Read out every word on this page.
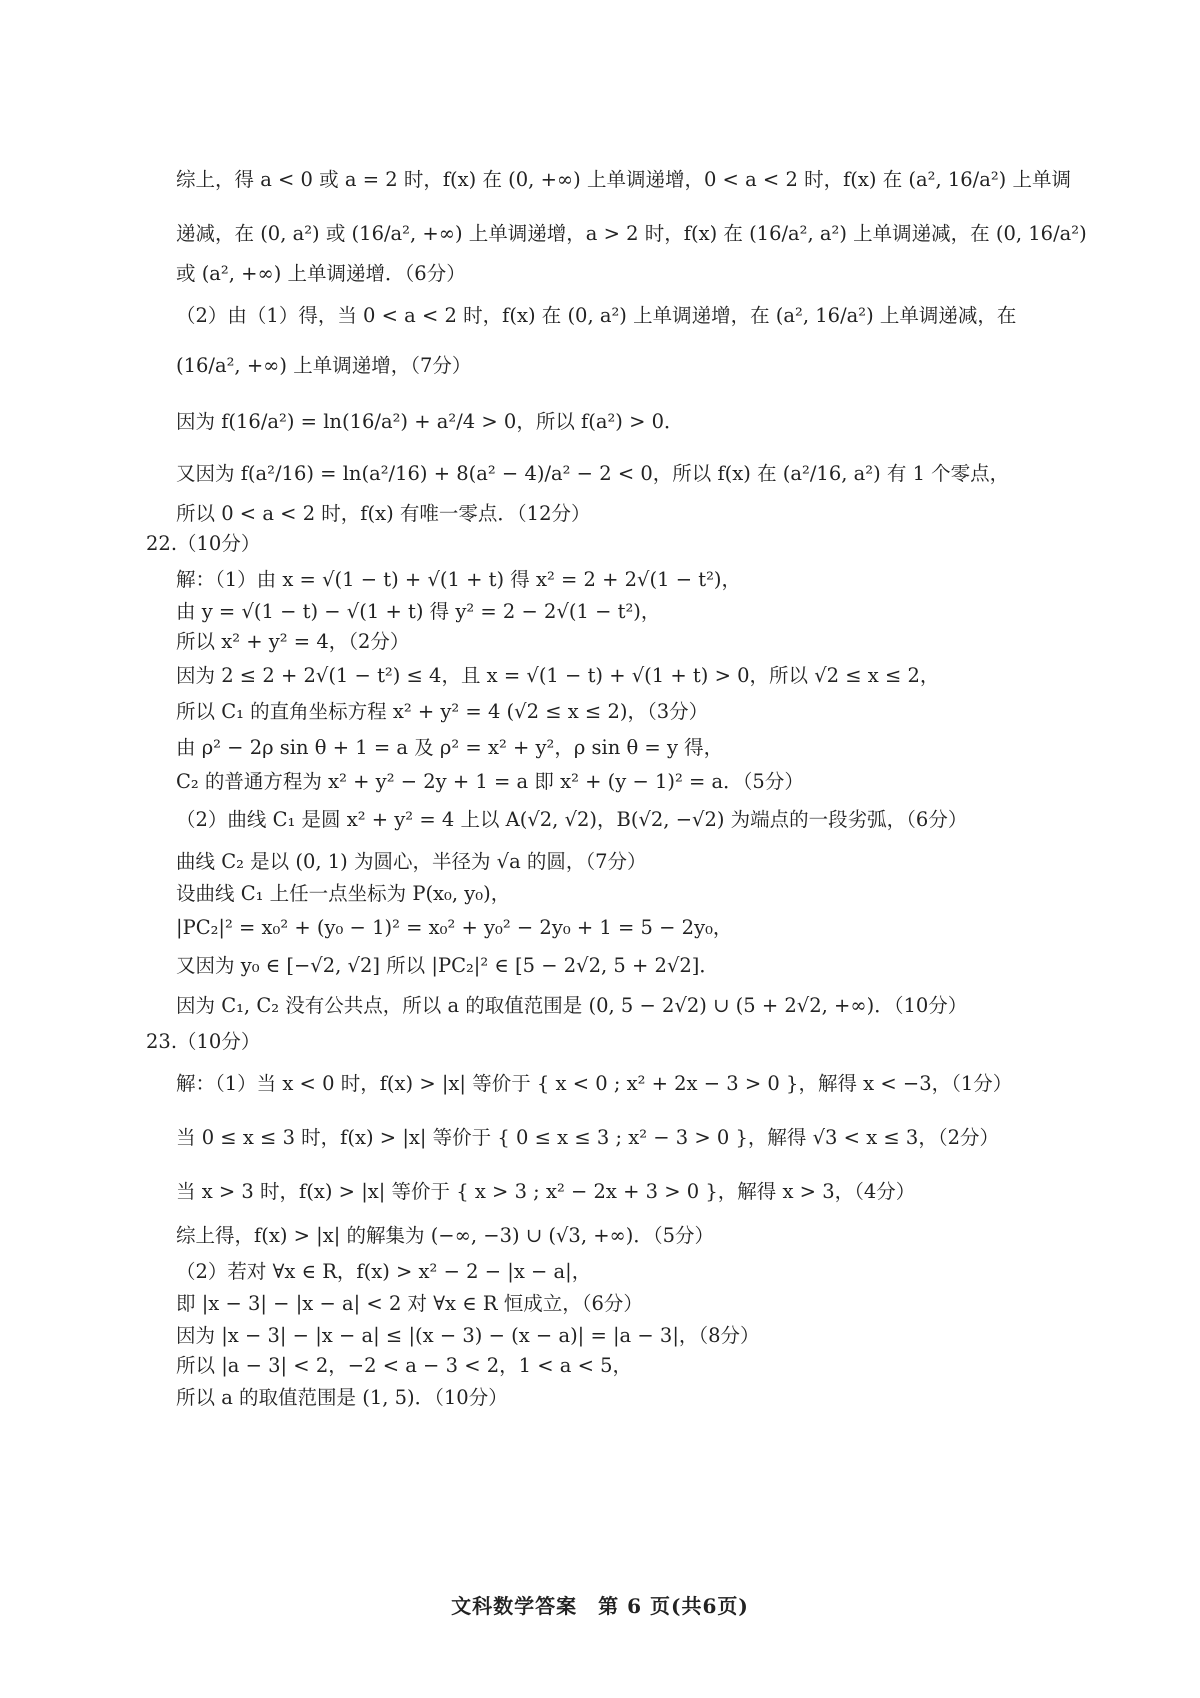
综上，得 a < 0 或 a = 2 时，f(x) 在 (0, +∞) 上单调递增，0 < a < 2 时，f(x) 在 (a², 16/a²) 上单调
递减，在 (0, a²) 或 (16/a², +∞) 上单调递增，a > 2 时，f(x) 在 (16/a², a²) 上单调递减，在 (0, 16/a²)
或 (a², +∞) 上单调递增．（6分）
（2）由（1）得，当 0 < a < 2 时，f(x) 在 (0, a²) 上单调递增，在 (a², 16/a²) 上单调递减，在
(16/a², +∞) 上单调递增，（7分）
因为 f(16/a²) = ln(16/a²) + a²/4 > 0，所以 f(a²) > 0．
又因为 f(a²/16) = ln(a²/16) + 8(a² − 4)/a² − 2 < 0，所以 f(x) 在 (a²/16, a²) 有 1 个零点，
所以 0 < a < 2 时，f(x) 有唯一零点．（12分）
22.（10分）
解：（1）由 x = √(1 − t) + √(1 + t) 得 x² = 2 + 2√(1 − t²)，
由 y = √(1 − t) − √(1 + t) 得 y² = 2 − 2√(1 − t²)，
所以 x² + y² = 4，（2分）
因为 2 ≤ 2 + 2√(1 − t²) ≤ 4，且 x = √(1 − t) + √(1 + t) > 0，所以 √2 ≤ x ≤ 2，
所以 C₁ 的直角坐标方程 x² + y² = 4 (√2 ≤ x ≤ 2)，（3分）
由 ρ² − 2ρ sin θ + 1 = a 及 ρ² = x² + y²，ρ sin θ = y 得，
C₂ 的普通方程为 x² + y² − 2y + 1 = a 即 x² + (y − 1)² = a．（5分）
（2）曲线 C₁ 是圆 x² + y² = 4 上以 A(√2, √2)，B(√2, −√2) 为端点的一段劣弧，（6分）
曲线 C₂ 是以 (0, 1) 为圆心，半径为 √a 的圆，（7分）
设曲线 C₁ 上任一点坐标为 P(x₀, y₀)，
|PC₂|² = x₀² + (y₀ − 1)² = x₀² + y₀² − 2y₀ + 1 = 5 − 2y₀，
又因为 y₀ ∈ [−√2, √2] 所以 |PC₂|² ∈ [5 − 2√2, 5 + 2√2]．
因为 C₁, C₂ 没有公共点，所以 a 的取值范围是 (0, 5 − 2√2) ∪ (5 + 2√2, +∞)．（10分）
23.（10分）
解：（1）当 x < 0 时，f(x) > |x| 等价于 { x < 0 ; x² + 2x − 3 > 0 }，解得 x < −3，（1分）
当 0 ≤ x ≤ 3 时，f(x) > |x| 等价于 { 0 ≤ x ≤ 3 ; x² − 3 > 0 }，解得 √3 < x ≤ 3，（2分）
当 x > 3 时，f(x) > |x| 等价于 { x > 3 ; x² − 2x + 3 > 0 }，解得 x > 3，（4分）
综上得，f(x) > |x| 的解集为 (−∞, −3) ∪ (√3, +∞)．（5分）
（2）若对 ∀x ∈ R，f(x) > x² − 2 − |x − a|，
即 |x − 3| − |x − a| < 2 对 ∀x ∈ R 恒成立，（6分）
因为 |x − 3| − |x − a| ≤ |(x − 3) − (x − a)| = |a − 3|，（8分）
所以 |a − 3| < 2，−2 < a − 3 < 2，1 < a < 5，
所以 a 的取值范围是 (1, 5)．（10分）
文科数学答案　第 6 页(共6页)
